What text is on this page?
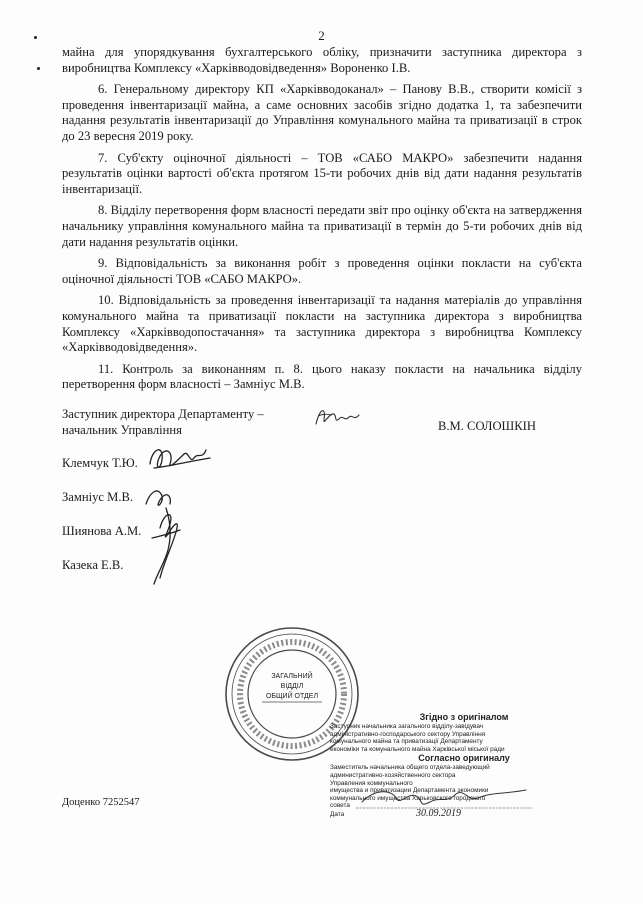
2

майна для упорядкування бухгалтерського обліку, призначити заступника директора з виробництва Комплексу «Харківводовідведення» Вороненко І.В.

6. Генеральному директору КП «Харківводоканал» – Панову В.В., створити комісії з проведення інвентаризації майна, а саме основних засобів згідно додатка 1, та забезпечити надання результатів інвентаризації до Управління комунального майна та приватизації в строк до 23 вересня 2019 року.

7. Суб'єкту оціночної діяльності – ТОВ «САБО МАКРО» забезпечити надання результатів оцінки вартості об'єкта протягом 15-ти робочих днів від дати надання результатів інвентаризації.

8. Відділу перетворення форм власності передати звіт про оцінку об'єкта на затвердження начальнику управління комунального майна та приватизації в термін до 5-ти робочих днів від дати надання результатів оцінки.

9. Відповідальність за виконання робіт з проведення оцінки покласти на суб'єкта оціночної діяльності ТОВ «САБО МАКРО».

10. Відповідальність за проведення інвентаризації та надання матеріалів до управління комунального майна та приватизації покласти на заступника директора з виробництва Комплексу «Харківводопостачання» та заступника директора з виробництва Комплексу «Харківводовідведення».

11. Контроль за виконанням п. 8. цього наказу покласти на начальника відділу перетворення форм власності – Замніус М.В.

Заступник директора Департаменту –
начальник Управління	В.М. СОЛОШКІН
Клемчук Т.Ю.
Замніус М.В.
Шиянова А.М.
Казека Е.В.
ЗАГАЛЬНИЙ
ВІДДІЛ
ОБЩИЙ ОТДЕЛ
Згідно з оригіналом
Заступник начальника загального відділу-завідувач
адміністративно-господарського сектору Управління
комунального майна та приватизації Департаменту
економіки та комунального майна Харківської міської ради
Согласно оригиналу
Заместитель начальника общего отдела-заведующий
административно-хозяйственного сектора
Управления коммунального
имущества и приватизации Департамента экономики
коммунального имущества Харьковского городского
совета
Дата	30.09.2019
Доценко 7252547
